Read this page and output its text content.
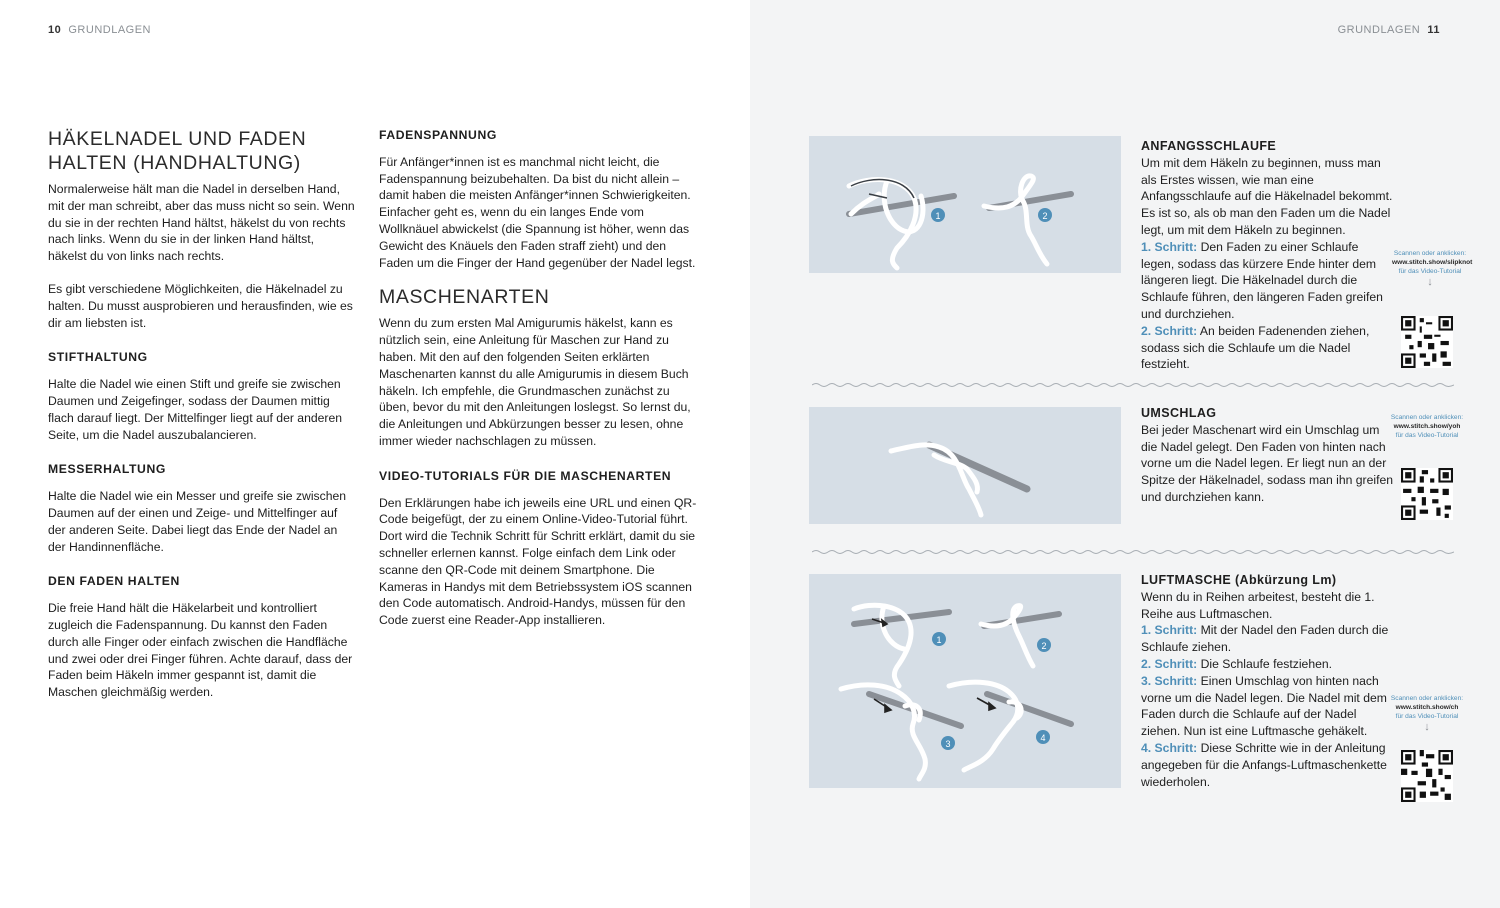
10 GRUNDLAGEN
HÄKELNADEL UND FADEN HALTEN (HANDHALTUNG)

Normalerweise hält man die Nadel in derselben Hand, mit der man schreibt, aber das muss nicht so sein. Wenn du sie in der rechten Hand hältst, häkelst du von rechts nach links. Wenn du sie in der linken Hand hältst, häkelst du von links nach rechts.

Es gibt verschiedene Möglichkeiten, die Häkelnadel zu halten. Du musst ausprobieren und herausfinden, wie es dir am liebsten ist.

STIFTHALTUNG

Halte die Nadel wie einen Stift und greife sie zwischen Daumen und Zeigefinger, sodass der Daumen mittig flach darauf liegt. Der Mittelfinger liegt auf der anderen Seite, um die Nadel auszubalancieren.

MESSERHALTUNG

Halte die Nadel wie ein Messer und greife sie zwischen Daumen auf der einen und Zeige- und Mittelfinger auf der anderen Seite. Dabei liegt das Ende der Nadel an der Handinnenfläche.

DEN FADEN HALTEN

Die freie Hand hält die Häkelarbeit und kontrolliert zugleich die Fadenspannung. Du kannst den Faden durch alle Finger oder einfach zwischen die Handfläche und zwei oder drei Finger führen. Achte darauf, dass der Faden beim Häkeln immer gespannt ist, damit die Maschen gleichmäßig werden.

FADENSPANNUNG

Für Anfänger*innen ist es manchmal nicht leicht, die Fadenspannung beizubehalten. Da bist du nicht allein – damit haben die meisten Anfänger*innen Schwierigkeiten.

Einfacher geht es, wenn du ein langes Ende vom Wollknäuel abwickelst (die Spannung ist höher, wenn das Gewicht des Knäuels den Faden straff zieht) und den Faden um die Finger der Hand gegenüber der Nadel legst.

MASCHENARTEN

Wenn du zum ersten Mal Amigurumis häkelst, kann es nützlich sein, eine Anleitung für Maschen zur Hand zu haben. Mit den auf den folgenden Seiten erklärten Maschenarten kannst du alle Amigurumis in diesem Buch häkeln. Ich empfehle, die Grundmaschen zunächst zu üben, bevor du mit den Anleitungen loslegst. So lernst du, die Anleitungen und Abkürzungen besser zu lesen, ohne immer wieder nachschlagen zu müssen.

VIDEO-TUTORIALS FÜR DIE MASCHENARTEN

Den Erklärungen habe ich jeweils eine URL und einen QR-Code beigefügt, der zu einem Online-Video-Tutorial führt. Dort wird die Technik Schritt für Schritt erklärt, damit du sie schneller erlernen kannst. Folge einfach dem Link oder scanne den QR-Code mit deinem Smartphone. Die Kameras in Handys mit dem Betriebssystem iOS scannen den Code automatisch. Android-Handys, müssen für den Code zuerst eine Reader-App installieren.

GRUNDLAGEN 11
1	2

ANFANGSSCHLAUFE

Um mit dem Häkeln zu beginnen, muss man als Erstes wissen, wie man eine Anfangsschlaufe auf die Häkelnadel bekommt. Es ist so, als ob man den Faden um die Nadel legt, um mit dem Häkeln zu beginnen.

1. Schritt: Den Faden zu einer Schlaufe legen, sodass das kürzere Ende hinter dem längeren liegt. Die Häkelnadel durch die Schlaufe führen, den längeren Faden greifen und durchziehen.

2. Schritt: An beiden Fadenenden ziehen, sodass sich die Schlaufe um die Nadel festzieht.

Scannen oder anklicken:
www.stitch.show/slipknot
für das Video-Tutorial
↓

UMSCHLAG

Bei jeder Maschenart wird ein Umschlag um die Nadel gelegt. Den Faden von hinten nach vorne um die Nadel legen. Er liegt nun an der Spitze der Häkelnadel, sodass man ihn greifen und durchziehen kann.

Scannen oder anklicken:
www.stitch.show/yoh
für das Video-Tutorial
1
2
3
4

LUFTMASCHE (Abkürzung Lm)

Wenn du in Reihen arbeitest, besteht die 1. Reihe aus Luftmaschen.

1. Schritt: Mit der Nadel den Faden durch die Schlaufe ziehen.

2. Schritt: Die Schlaufe festziehen.

3. Schritt: Einen Umschlag von hinten nach vorne um die Nadel legen. Die Nadel mit dem Faden durch die Schlaufe auf der Nadel ziehen. Nun ist eine Luftmasche gehäkelt.

4. Schritt: Diese Schritte wie in der Anleitung angegeben für die Anfangs-Luftmaschenkette wiederholen.

Scannen oder anklicken:
www.stitch.show/ch
für das Video-Tutorial
↓
